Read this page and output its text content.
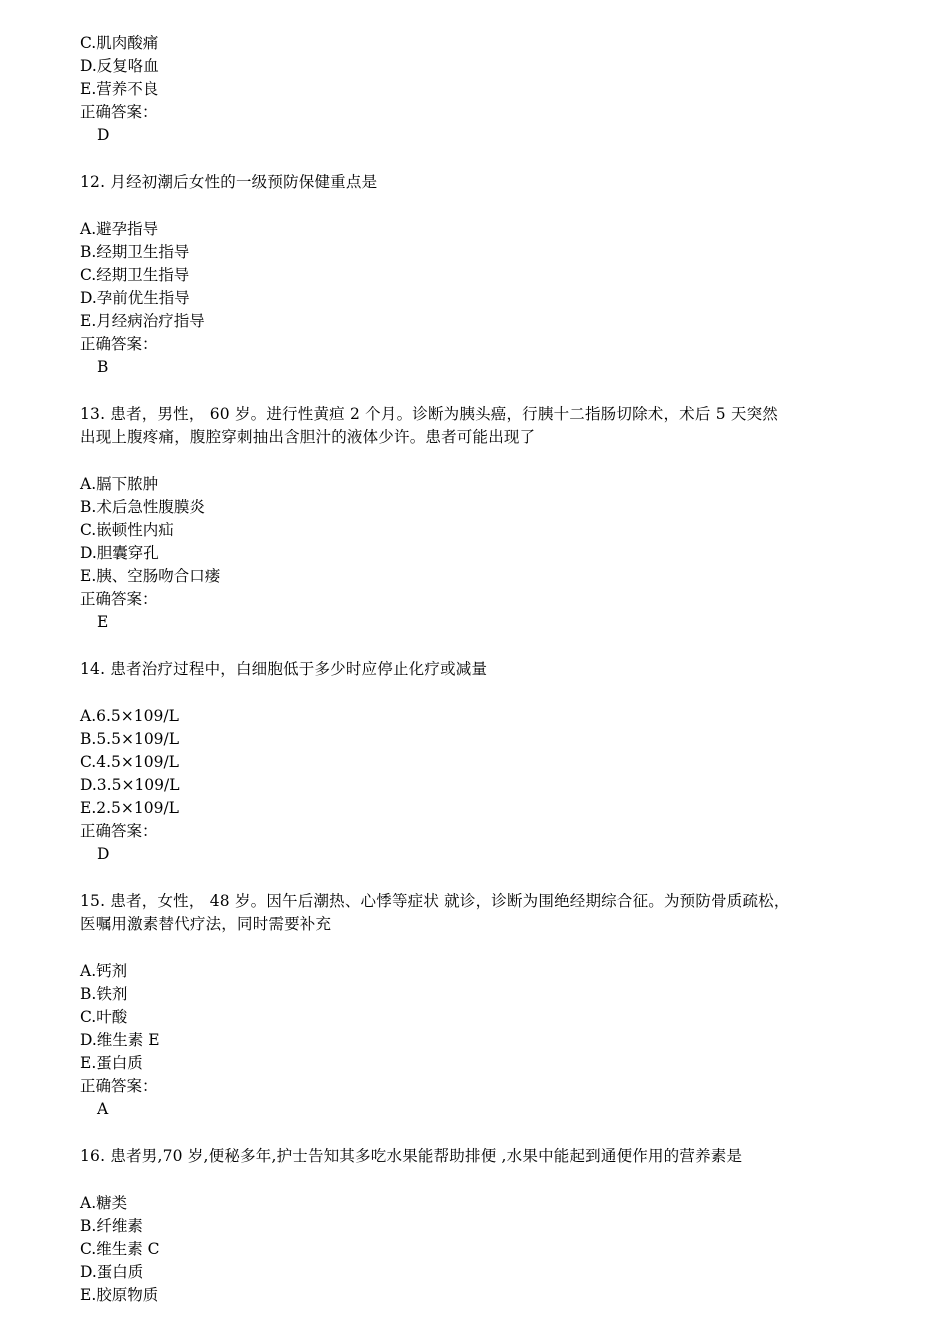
C.肌肉酸痛
D.反复咯血
E.营养不良
正确答案：
D
12. 月经初潮后女性的一级预防保健重点是
A.避孕指导
B.经期卫生指导
C.经期卫生指导
D.孕前优生指导
E.月经病治疗指导
正确答案：
B
13. 患者，男性， 60 岁。进行性黄疸 2 个月。诊断为胰头癌，行胰十二指肠切除术，术后 5 天突然
出现上腹疼痛，腹腔穿刺抽出含胆汁的液体少许。患者可能出现了
A.膈下脓肿
B.术后急性腹膜炎
C.嵌顿性内疝
D.胆囊穿孔
E.胰、空肠吻合口瘘
正确答案：
E
14. 患者治疗过程中，白细胞低于多少时应停止化疗或减量
A.6.5×109/L
B.5.5×109/L
C.4.5×109/L
D.3.5×109/L
E.2.5×109/L
正确答案：
D
15. 患者，女性， 48 岁。因午后潮热、心悸等症状 就诊，诊断为围绝经期综合征。为预防骨质疏松，
医嘱用激素替代疗法，同时需要补充
A.钙剂
B.铁剂
C.叶酸
D.维生素 E
E.蛋白质
正确答案：
A
16. 患者男,70 岁,便秘多年,护士告知其多吃水果能帮助排便 ,水果中能起到通便作用的营养素是
A.糖类
B.纤维素
C.维生素 C
D.蛋白质
E.胶原物质
